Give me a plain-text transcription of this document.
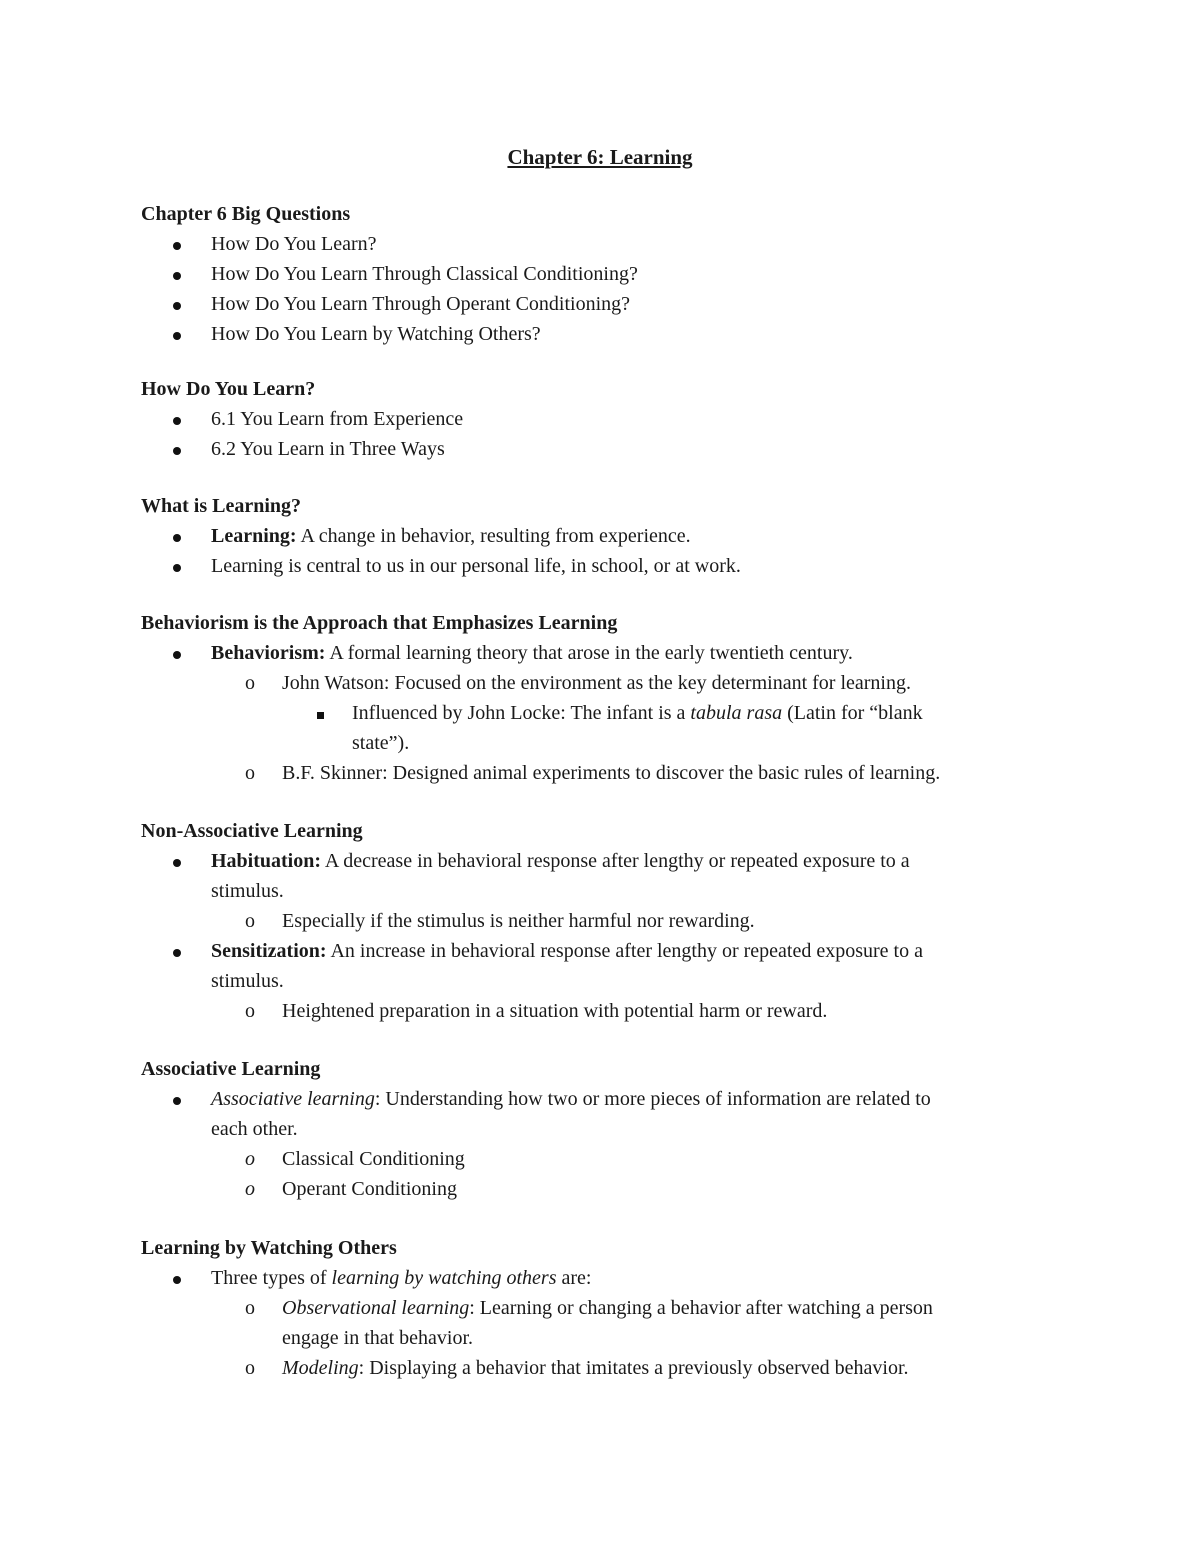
Chapter 6: Learning
Chapter 6 Big Questions
How Do You Learn?
How Do You Learn Through Classical Conditioning?
How Do You Learn Through Operant Conditioning?
How Do You Learn by Watching Others?
How Do You Learn?
6.1 You Learn from Experience
6.2 You Learn in Three Ways
What is Learning?
Learning: A change in behavior, resulting from experience.
Learning is central to us in our personal life, in school, or at work.
Behaviorism is the Approach that Emphasizes Learning
Behaviorism: A formal learning theory that arose in the early twentieth century.
o John Watson: Focused on the environment as the key determinant for learning.
Influenced by John Locke: The infant is a tabula rasa (Latin for “blank
state”).
o B.F. Skinner: Designed animal experiments to discover the basic rules of learning.
Non-Associative Learning
Habituation: A decrease in behavioral response after lengthy or repeated exposure to a
stimulus.
o Especially if the stimulus is neither harmful nor rewarding.
Sensitization: An increase in behavioral response after lengthy or repeated exposure to a
stimulus.
o Heightened preparation in a situation with potential harm or reward.
Associative Learning
Associative learning: Understanding how two or more pieces of information are related to
each other.
o Classical Conditioning
o Operant Conditioning
Learning by Watching Others
Three types of learning by watching others are:
o Observational learning: Learning or changing a behavior after watching a person
engage in that behavior.
o Modeling: Displaying a behavior that imitates a previously observed behavior.
